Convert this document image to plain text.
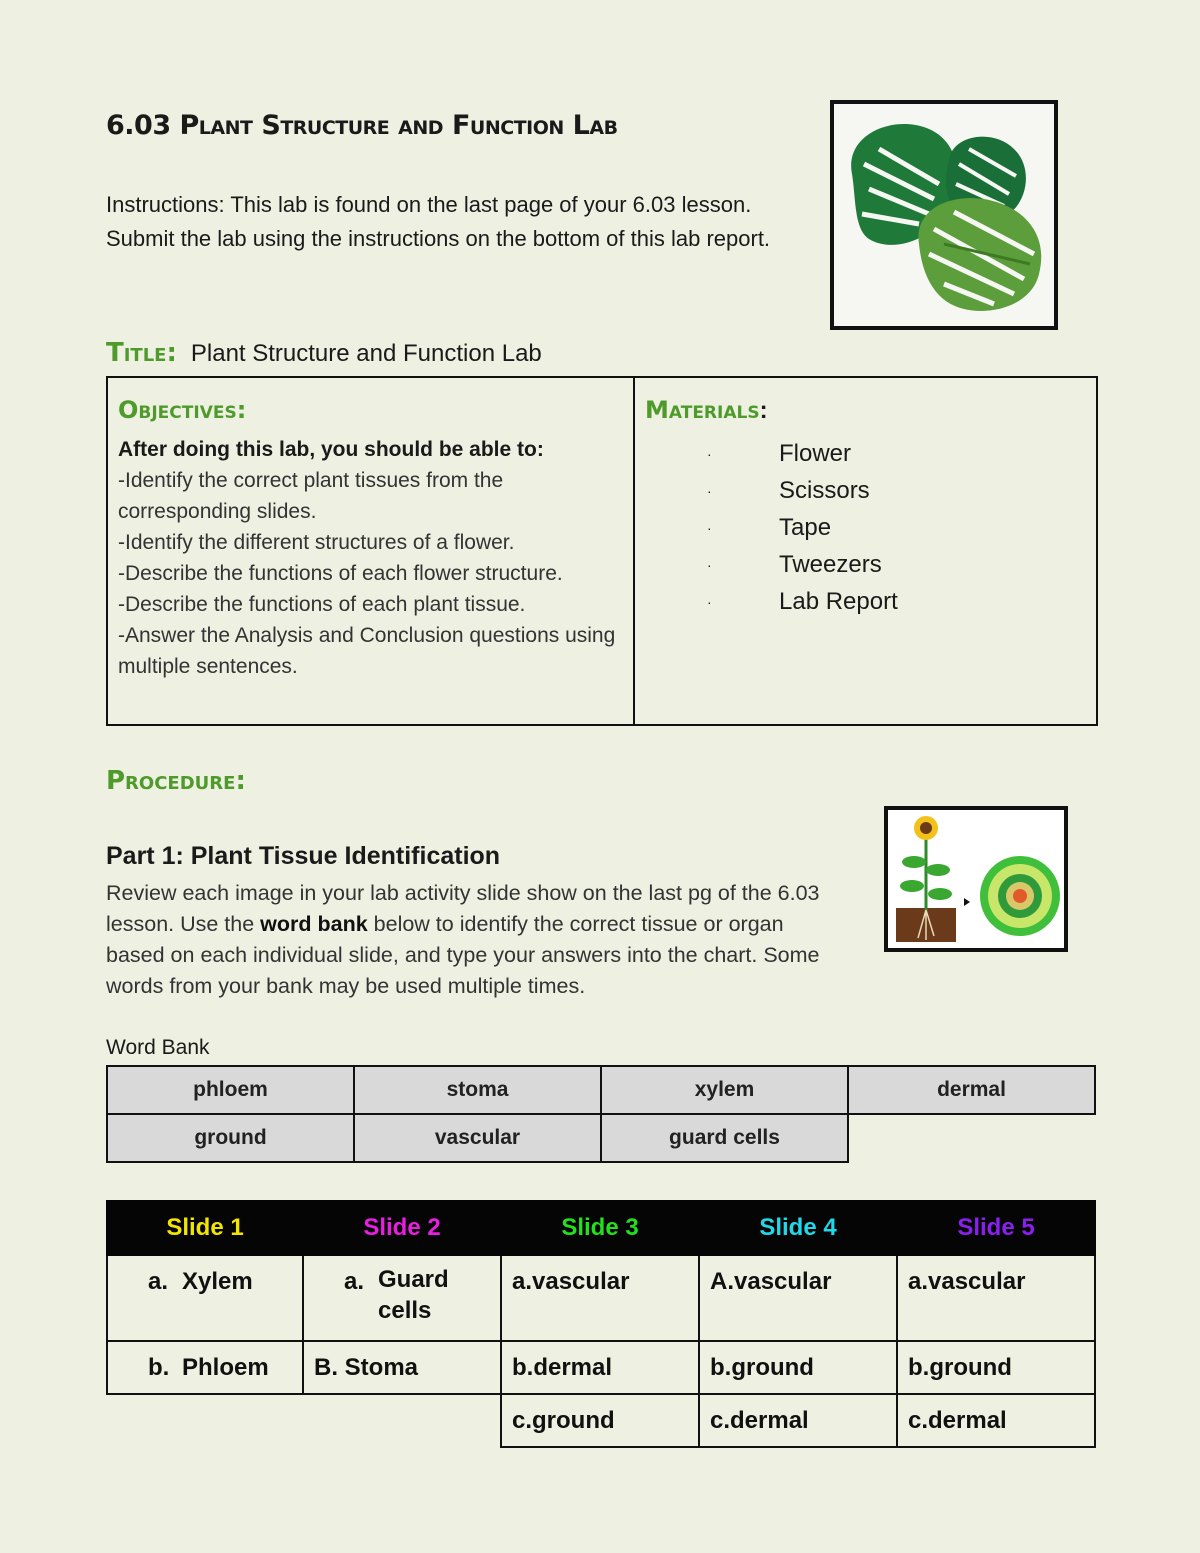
6.03 Plant Structure and Function Lab
Instructions: This lab is found on the last page of your 6.03 lesson. Submit the lab using the instructions on the bottom of this lab report.
Title: Plant Structure and Function Lab
Objectives:
After doing this lab, you should be able to:
-Identify the correct plant tissues from the corresponding slides.
-Identify the different structures of a flower.
-Describe the functions of each flower structure.
-Describe the functions of each plant tissue.
-Answer the Analysis and Conclusion questions using multiple sentences.
Materials:
·	Flower
·	Scissors
·	Tape
·	Tweezers
·	Lab Report
Procedure:
Part 1: Plant Tissue Identification
Review each image in your lab activity slide show on the last pg of the 6.03 lesson. Use the word bank below to identify the correct tissue or organ based on each individual slide, and type your answers into the chart. Some words from your bank may be used multiple times.
Word Bank
phloem	stoma	xylem	dermal
ground	vascular	guard cells	
Slide 1	Slide 2	Slide 3	Slide 4	Slide 5

a. Xylem	a. Guard cells	a.vascular	A.vascular	a.vascular

b. Phloem	B. Stoma	b.dermal	b.ground	b.ground
		c.ground	c.dermal	c.dermal
